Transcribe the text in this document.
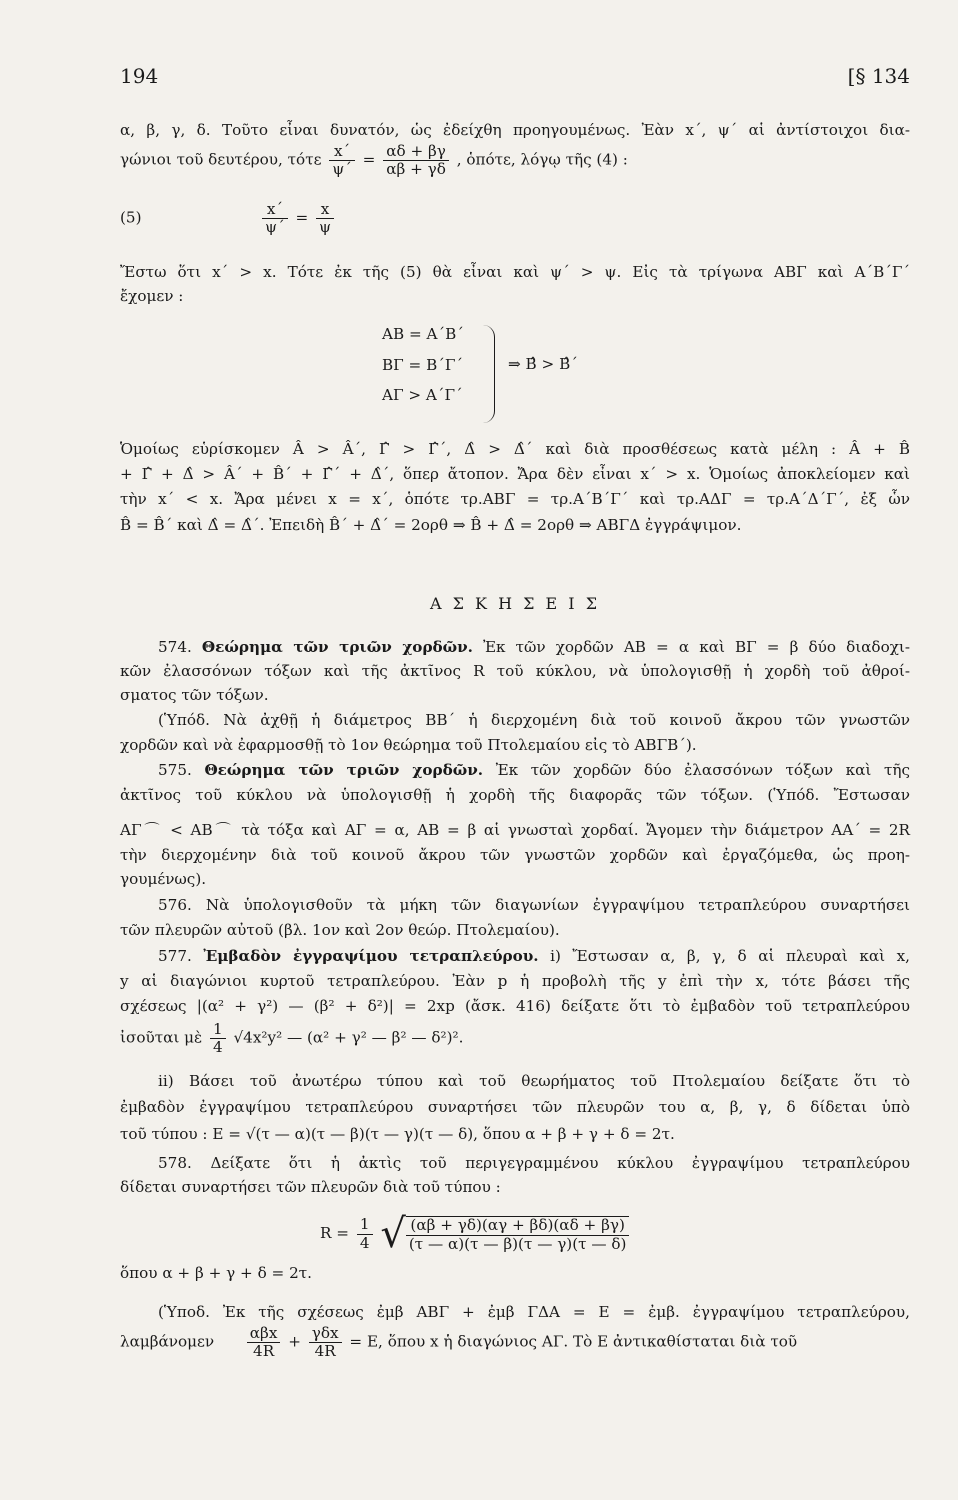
194	[§ 134
α, β, γ, δ. Τοῦτο εἶναι δυνατόν, ὡς ἐδείχθη προηγουμένως. Ἐὰν x΄, ψ΄ αἱ ἀντίστοιχοι δια-
γώνιοι τοῦ δευτέρου, τότε $\frac{x΄}{\psi΄} = \frac{\alpha\delta + \beta\gamma}{\alpha\beta + \gamma\delta}$ , ὁπότε, λόγῳ τῆς (4) :
(5)	$\frac{x΄}{\psi΄} = \frac{x}{\psi}$
Ἔστω ὅτι x΄ > x. Τότε ἐκ τῆς (5) θὰ εἶναι καὶ ψ΄ > ψ. Εἰς τὰ τρίγωνα ΑΒΓ καὶ Α΄Β΄Γ΄
ἔχομεν :
ΑΒ = Α΄Β΄
ΒΓ = Β΄Γ΄
ΑΓ > Α΄Γ΄
⇒ Β̂ > Β̂΄
Ὁμοίως εὑρίσκομεν Â > Â΄, Γ̂ > Γ̂΄, Δ̂ > Δ̂΄ καὶ διὰ προσθέσεως κατὰ μέλη : Â + B̂
+ Γ̂ + Δ̂ > Â΄ + B̂΄ + Γ̂΄ + Δ̂΄, ὅπερ ἄτοπον. Ἄρα δὲν εἶναι x΄ > x. Ὁμοίως ἀποκλείομεν καὶ
τὴν x΄ < x. Ἄρα μένει x = x΄, ὁπότε τρ.ΑΒΓ = τρ.Α΄Β΄Γ΄ καὶ τρ.ΑΔΓ = τρ.Α΄Δ΄Γ΄, ἐξ ὧν
B̂ = B̂΄ καὶ Δ̂ = Δ̂΄. Ἐπειδὴ B̂΄ + Δ̂΄ = 2ορθ ⇒ B̂ + Δ̂ = 2ορθ ⇒ ΑΒΓΔ ἐγγράψιμον.
Α Σ Κ Η Σ Ε Ι Σ
574. Θεώρημα τῶν τριῶν χορδῶν. Ἐκ τῶν χορδῶν ΑΒ = α καὶ ΒΓ = β δύο διαδοχι-
κῶν ἐλασσόνων τόξων καὶ τῆς ἀκτῖνος R τοῦ κύκλου, νὰ ὑπολογισθῇ ἡ χορδὴ τοῦ ἀθροί-
σματος τῶν τόξων.
(Ὑπόδ. Νὰ ἀχθῇ ἡ διάμετρος ΒΒ΄ ἡ διερχομένη διὰ τοῦ κοινοῦ ἄκρου τῶν γνωστῶν
χορδῶν καὶ νὰ ἐφαρμοσθῇ τὸ 1ον θεώρημα τοῦ Πτολεμαίου εἰς τὸ ΑΒΓΒ΄).
575. Θεώρημα τῶν τριῶν χορδῶν. Ἐκ τῶν χορδῶν δύο ἐλασσόνων τόξων καὶ τῆς
ἀκτῖνος τοῦ κύκλου νὰ ὑπολογισθῇ ἡ χορδὴ τῆς διαφορᾶς τῶν τόξων. (Ὑπόδ. Ἔστωσαν
ΑΓ⌒ < ΑΒ⌒ τὰ τόξα καὶ ΑΓ = α, ΑΒ = β αἱ γνωσταὶ χορδαί. Ἄγομεν τὴν διάμετρον ΑΑ΄ = 2R
τὴν διερχομένην διὰ τοῦ κοινοῦ ἄκρου τῶν γνωστῶν χορδῶν καὶ ἐργαζόμεθα, ὡς προη-
γουμένως).
576. Νὰ ὑπολογισθοῦν τὰ μήκη τῶν διαγωνίων ἐγγραψίμου τετραπλεύρου συναρτήσει
τῶν πλευρῶν αὐτοῦ (βλ. 1ον καὶ 2ον θεώρ. Πτολεμαίου).
577. Ἐμβαδὸν ἐγγραψίμου τετραπλεύρου. i) Ἔστωσαν α, β, γ, δ αἱ πλευραὶ καὶ x,
y αἱ διαγώνιοι κυρτοῦ τετραπλεύρου. Ἐὰν p ἡ προβολὴ τῆς y ἐπὶ τὴν x, τότε βάσει τῆς
σχέσεως |(α² + γ²) — (β² + δ²)| = 2xp (ἄσκ. 416) δείξατε ὅτι τὸ ἐμβαδὸν τοῦ τετραπλεύρου
ἰσοῦται μὲ $\frac{1}{4} √4x^2y^2$ — (α² + γ² — β² — δ²)².
ii) Βάσει τοῦ ἀνωτέρω τύπου καὶ τοῦ θεωρήματος τοῦ Πτολεμαίου δείξατε ὅτι τὸ
ἐμβαδὸν ἐγγραψίμου τετραπλεύρου συναρτήσει τῶν πλευρῶν του α, β, γ, δ δίδεται ὑπὸ
τοῦ τύπου : E = √(τ — α)(τ — β)(τ — γ)(τ — δ), ὅπου α + β + γ + δ = 2τ.
578. Δείξατε ὅτι ἡ ἀκτὶς τοῦ περιγεγραμμένου κύκλου ἐγγραψίμου τετραπλεύρου
δίδεται συναρτήσει τῶν πλευρῶν διὰ τοῦ τύπου :
$R = \frac{1}{4}$ √ $\frac{(\alpha\beta + \gamma\delta)(\alpha\gamma + \beta\delta)(\alpha\delta + \beta\gamma)}{(\tau — \alpha)(\tau — \beta)(\tau — \gamma)(\tau — \delta)}$
ὅπου α + β + γ + δ = 2τ.
(Ὑποδ. Ἐκ τῆς σχέσεως ἐμβ ΑΒΓ + ἐμβ ΓΔΑ = E = ἐμβ. ἐγγραψίμου τετραπλεύρου,
λαμβάνομεν $\frac{\text{αβx}}{4R} + \frac{\text{γδx}}{4R} = E$, ὅπου x ἡ διαγώνιος ΑΓ. Τὸ E ἀντικαθίσταται διὰ τοῦ
